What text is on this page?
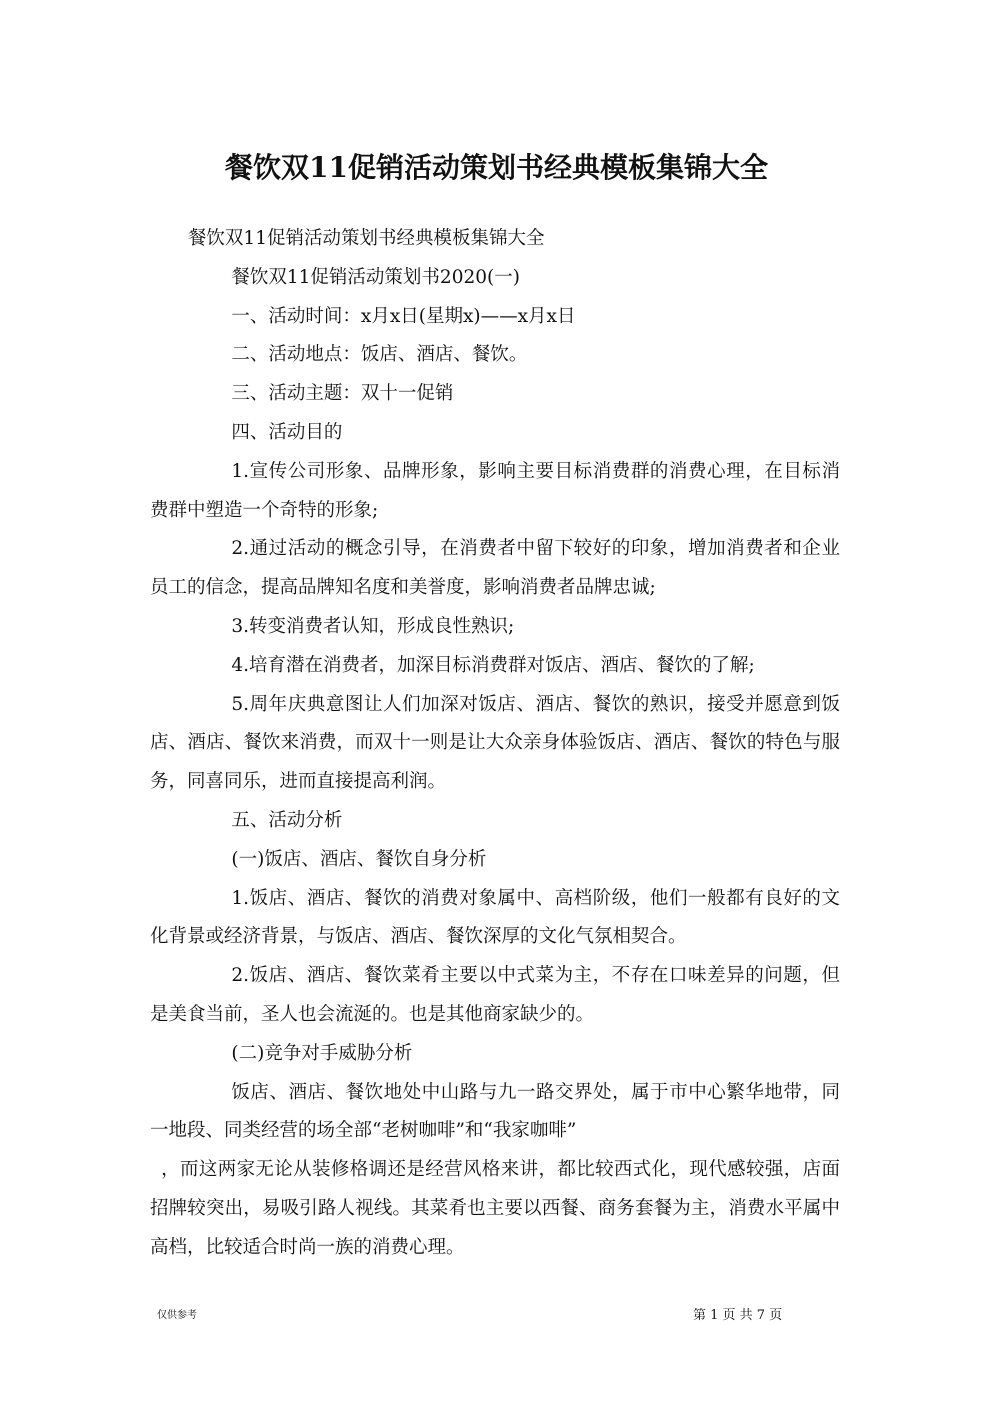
餐饮双11促销活动策划书经典模板集锦大全

餐饮双11促销活动策划书经典模板集锦大全

餐饮双11促销活动策划书2020(一)

一、活动时间：x月x日(星期x)——x月x日

二、活动地点：饭店、酒店、餐饮。

三、活动主题：双十一促销

四、活动目的

1.宣传公司形象、品牌形象，影响主要目标消费群的消费心理，在目标消费群中塑造一个奇特的形象;

2.通过活动的概念引导，在消费者中留下较好的印象，增加消费者和企业员工的信念，提高品牌知名度和美誉度，影响消费者品牌忠诚;

3.转变消费者认知，形成良性熟识;

4.培育潜在消费者，加深目标消费群对饭店、酒店、餐饮的了解;

5.周年庆典意图让人们加深对饭店、酒店、餐饮的熟识，接受并愿意到饭店、酒店、餐饮来消费，而双十一则是让大众亲身体验饭店、酒店、餐饮的特色与服务，同喜同乐，进而直接提高利润。

五、活动分析

(一)饭店、酒店、餐饮自身分析

1.饭店、酒店、餐饮的消费对象属中、高档阶级，他们一般都有良好的文化背景或经济背景，与饭店、酒店、餐饮深厚的文化气氛相契合。

2.饭店、酒店、餐饮菜肴主要以中式菜为主，不存在口味差异的问题，但是美食当前，圣人也会流涎的。也是其他商家缺少的。

(二)竞争对手威胁分析

饭店、酒店、餐饮地处中山路与九一路交界处，属于市中心繁华地带，同一地段、同类经营的场全部“老树咖啡”和“我家咖啡”

，而这两家无论从装修格调还是经营风格来讲，都比较西式化，现代感较强，店面招牌较突出，易吸引路人视线。其菜肴也主要以西餐、商务套餐为主，消费水平属中高档，比较适合时尚一族的消费心理。

仅供参考	第 1 页 共 7 页
